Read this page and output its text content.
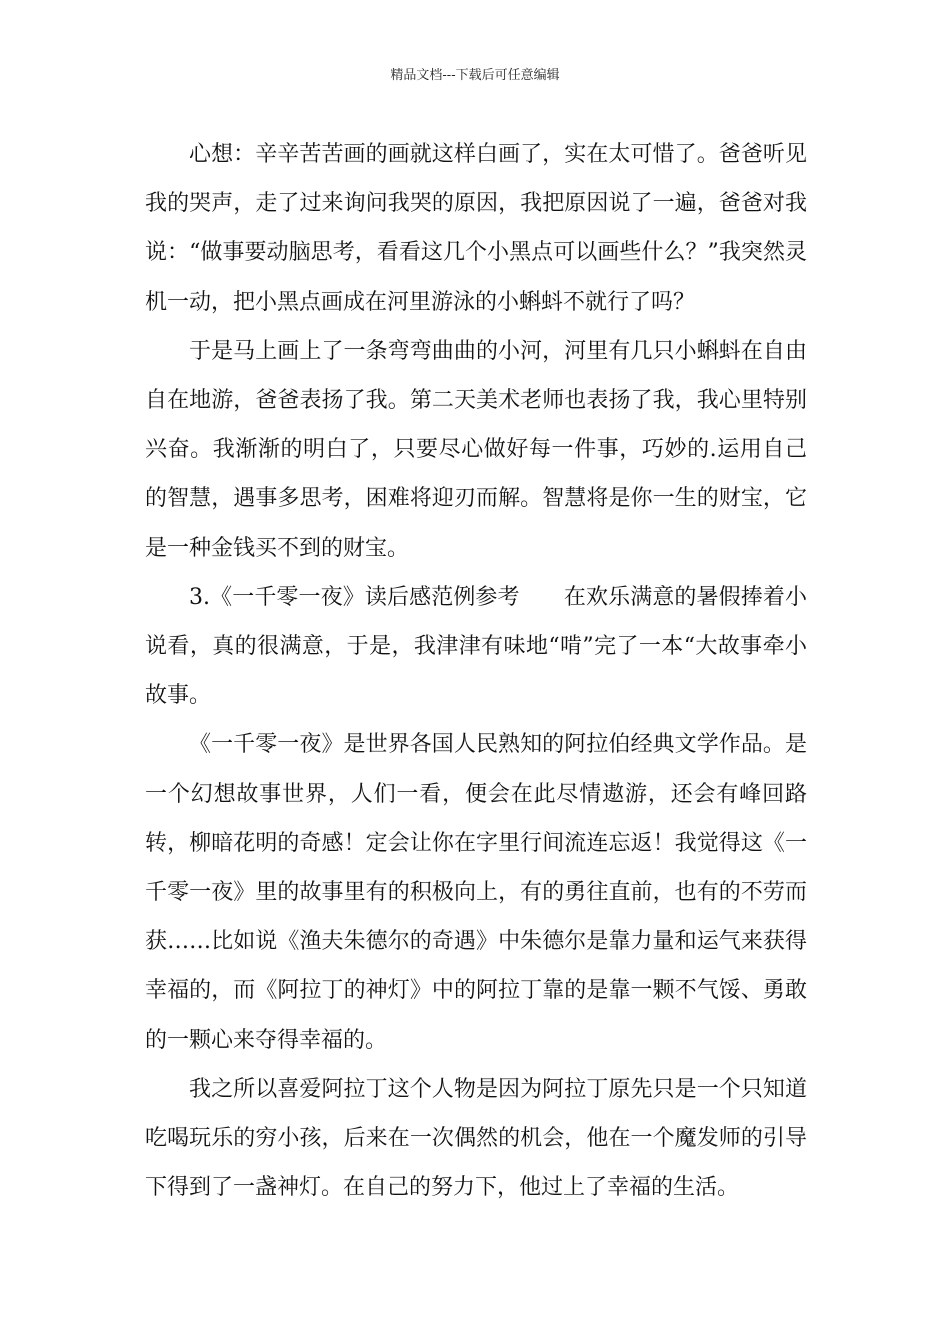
精品文档---下载后可任意编辑

心想：辛辛苦苦画的画就这样白画了，实在太可惜了。爸爸听见我的哭声，走了过来询问我哭的原因，我把原因说了一遍，爸爸对我说：“做事要动脑思考，看看这几个小黑点可以画些什么？”我突然灵机一动，把小黑点画成在河里游泳的小蝌蚪不就行了吗？

于是马上画上了一条弯弯曲曲的小河，河里有几只小蝌蚪在自由自在地游，爸爸表扬了我。第二天美术老师也表扬了我，我心里特别兴奋。我渐渐的明白了，只要尽心做好每一件事，巧妙的.运用自己的智慧，遇事多思考，困难将迎刃而解。智慧将是你一生的财宝，它是一种金钱买不到的财宝。

3.《一千零一夜》读后感范例参考　　在欢乐满意的暑假捧着小说看，真的很满意，于是，我津津有味地“啃”完了一本“大故事牵小故事。

《一千零一夜》是世界各国人民熟知的阿拉伯经典文学作品。是一个幻想故事世界，人们一看，便会在此尽情遨游，还会有峰回路转，柳暗花明的奇感！定会让你在字里行间流连忘返！我觉得这《一千零一夜》里的故事里有的积极向上，有的勇往直前，也有的不劳而获……比如说《渔夫朱德尔的奇遇》中朱德尔是靠力量和运气来获得幸福的，而《阿拉丁的神灯》中的阿拉丁靠的是靠一颗不气馁、勇敢的一颗心来夺得幸福的。

我之所以喜爱阿拉丁这个人物是因为阿拉丁原先只是一个只知道吃喝玩乐的穷小孩，后来在一次偶然的机会，他在一个魔发师的引导下得到了一盏神灯。在自己的努力下，他过上了幸福的生活。
